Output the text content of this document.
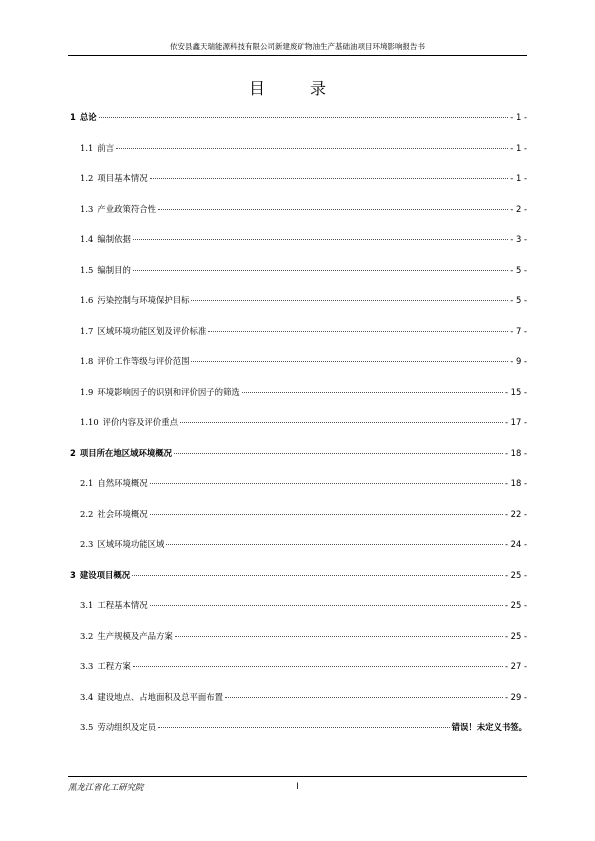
依安县鑫天瑞能源科技有限公司新建废矿物油生产基础油项目环境影响报告书
目 录
1 总论	- 1 -
1.1 前言	- 1 -
1.2 项目基本情况	- 1 -
1.3 产业政策符合性	- 2 -
1.4 编制依据	- 3 -
1.5 编制目的	- 5 -
1.6 污染控制与环境保护目标	- 5 -
1.7 区域环境功能区划及评价标准	- 7 -
1.8 评价工作等级与评价范围	- 9 -
1.9 环境影响因子的识别和评价因子的筛选	- 15 -
1.10 评价内容及评价重点	- 17 -
2 项目所在地区域环境概况	- 18 -
2.1 自然环境概况	- 18 -
2.2 社会环境概况	- 22 -
2.3 区域环境功能区域	- 24 -
3 建设项目概况	- 25 -
3.1 工程基本情况	- 25 -
3.2 生产规模及产品方案	- 25 -
3.3 工程方案	- 27 -
3.4 建设地点、占地面积及总平面布置	- 29 -
3.5 劳动组织及定员	错误！未定义书签。
黑龙江省化工研究院	I
